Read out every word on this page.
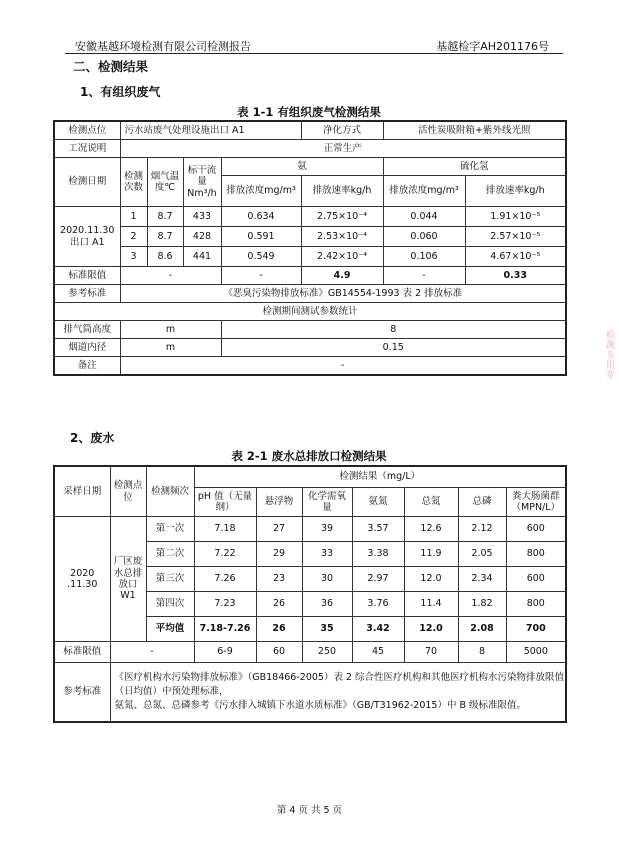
安徽基越环境检测有限公司检测报告	基越检字AH201176号
二、检测结果
1、有组织废气
表 1-1 有组织废气检测结果
检测点位	污水站废气处理设施出口 A1				净化方式	活性炭吸附箱+紫外线光照	
工况说明	正常生产						
检测日期	检测次数	烟气温度℃	标干流量Nm³/h	氨		硫化氢	
				排放浓度mg/m³	排放速率kg/h	排放浓度mg/m³	排放速率kg/h
2020.11.30 出口 A1	1	8.7	433	0.634	2.75×10⁻⁴	0.044	1.91×10⁻⁵
	2	8.7	428	0.591	2.53×10⁻⁴	0.060	2.57×10⁻⁵
	3	8.6	441	0.549	2.42×10⁻⁴	0.106	4.67×10⁻⁵
标准限值	-			-	4.9	-	0.33
参考标准	《恶臭污染物排放标准》GB14554-1993 表 2 排放标准						
检测期间测试参数统计							
排气筒高度	m			8			
烟道内径	m			0.15			
备注	-						
2、废水
表 2-1 废水总排放口检测结果
采样日期	检测点位	检测频次	检测结果（mg/L）						
			pH 值（无量纲）	悬浮物	化学需氧量	氨氮	总氮	总磷	粪大肠菌群（MPN/L）
2020 .11.30	厂区废水总排放口W1	第一次	7.18	27	39	3.57	12.6	2.12	600
		第二次	7.22	29	33	3.38	11.9	2.05	800
		第三次	7.26	23	30	2.97	12.0	2.34	600
		第四次	7.23	26	36	3.76	11.4	1.82	800
		平均值	7.18-7.26	26	35	3.42	12.0	2.08	700
标准限值	-		6-9	60	250	45	70	8	5000
参考标准	《医疗机构水污染物排放标准》（GB18466-2005）表 2 综合性医疗机构和其他医疗机构水污染物排放限值（日均值）中预处理标准，
氨氮、总氮、总磷参考《污水排入城镇下水道水质标准》（GB/T31962-2015）中 B 级标准限值。								
第 4 页 共 5 页
检测专用章
